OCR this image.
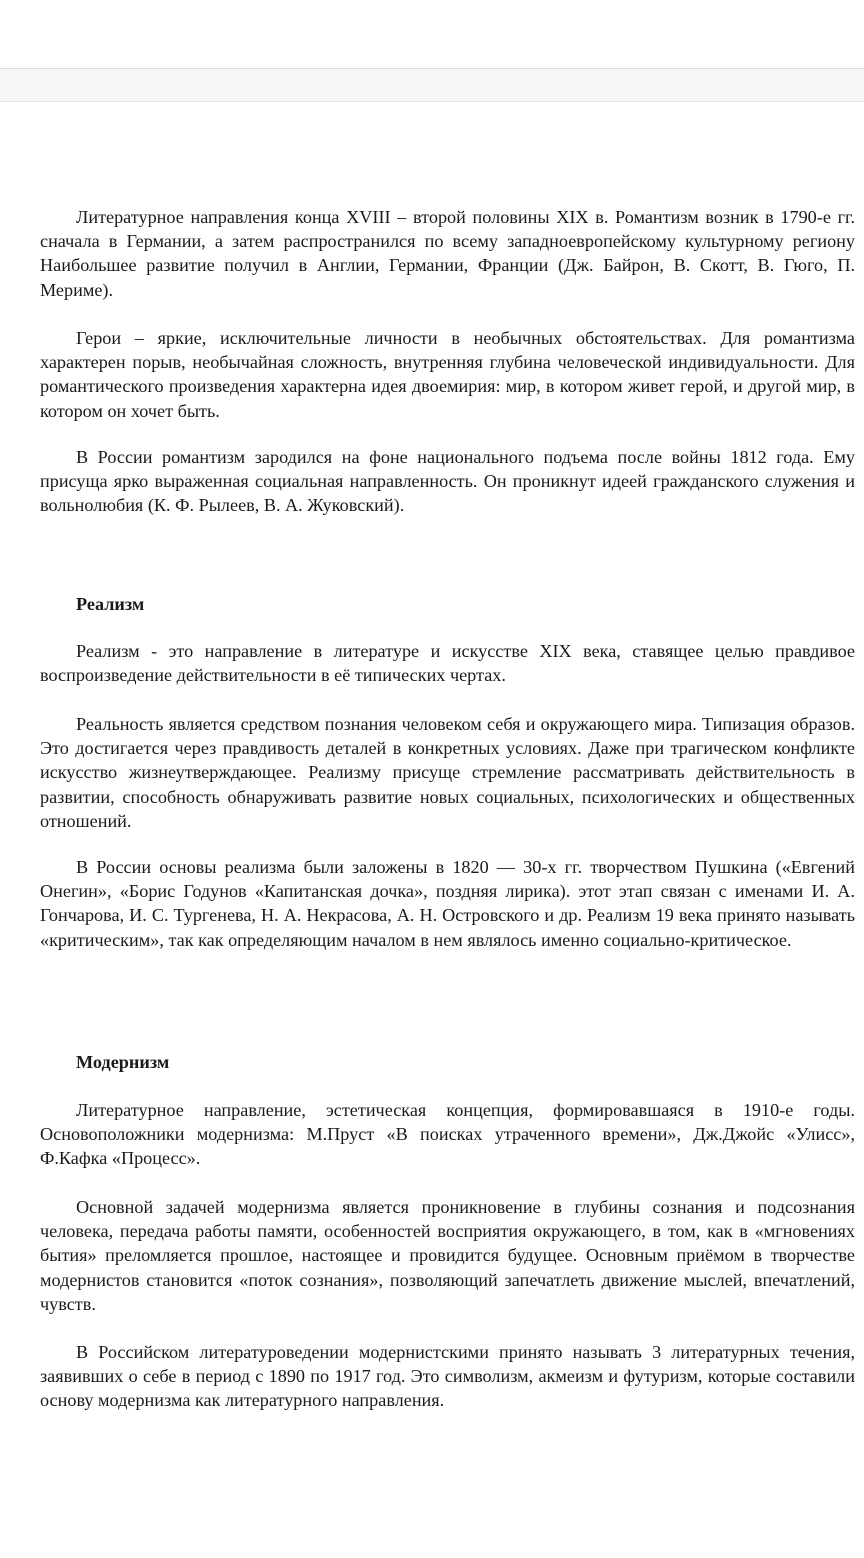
Литературное направления конца XVIII – второй половины XIX в. Романтизм возник в 1790-е гг. сначала в Германии, а затем распространился по всему западноевропейскому культурному региону Наибольшее развитие получил в Англии, Германии, Франции (Дж. Байрон, В. Скотт, В. Гюго, П. Мериме).

Герои – яркие, исключительные личности в необычных обстоятельствах. Для романтизма характерен порыв, необычайная сложность, внутренняя глубина человеческой индивидуальности. Для романтического произведения характерна идея двоемирия: мир, в котором живет герой, и другой мир, в котором он хочет быть.

В России романтизм зародился на фоне национального подъема после войны 1812 года. Ему присуща ярко выраженная социальная направленность. Он проникнут идеей гражданского служения и вольнолюбия (К. Ф. Рылеев, В. А. Жуковский).

Реализм

Реализм - это направление в литературе и искусстве XIX века, ставящее целью правдивое воспроизведение действительности в её типических чертах.

Реальность является средством познания человеком себя и окружающего мира. Типизация образов. Это достигается через правдивость деталей в конкретных условиях. Даже при трагическом конфликте искусство жизнеутверждающее. Реализму присуще стремление рассматривать действительность в развитии, способность обнаруживать развитие новых социальных, психологических и общественных отношений.

В России основы реализма были заложены в 1820 — 30-х гг. творчеством Пушкина («Евгений Онегин», «Борис Годунов «Капитанская дочка», поздняя лирика). этот этап связан с именами И. А. Гончарова, И. С. Тургенева, Н. А. Некрасова, А. Н. Островского и др. Реализм 19 века принято называть «критическим», так как определяющим началом в нем являлось именно социально-критическое.

Модернизм

Литературное направление, эстетическая концепция, формировавшаяся в 1910-е годы. Основоположники модернизма: М.Пруст «В поисках утраченного времени», Дж.Джойс «Улисс», Ф.Кафка «Процесс».

Основной задачей модернизма является проникновение в глубины сознания и подсознания человека, передача работы памяти, особенностей восприятия окружающего, в том, как в «мгновениях бытия» преломляется прошлое, настоящее и провидится будущее. Основным приёмом в творчестве модернистов становится «поток сознания», позволяющий запечатлеть движение мыслей, впечатлений, чувств.

В Российском литературоведении модернистскими принято называть 3 литературных течения, заявивших о себе в период с 1890 по 1917 год. Это символизм, акмеизм и футуризм, которые составили основу модернизма как литературного направления.
